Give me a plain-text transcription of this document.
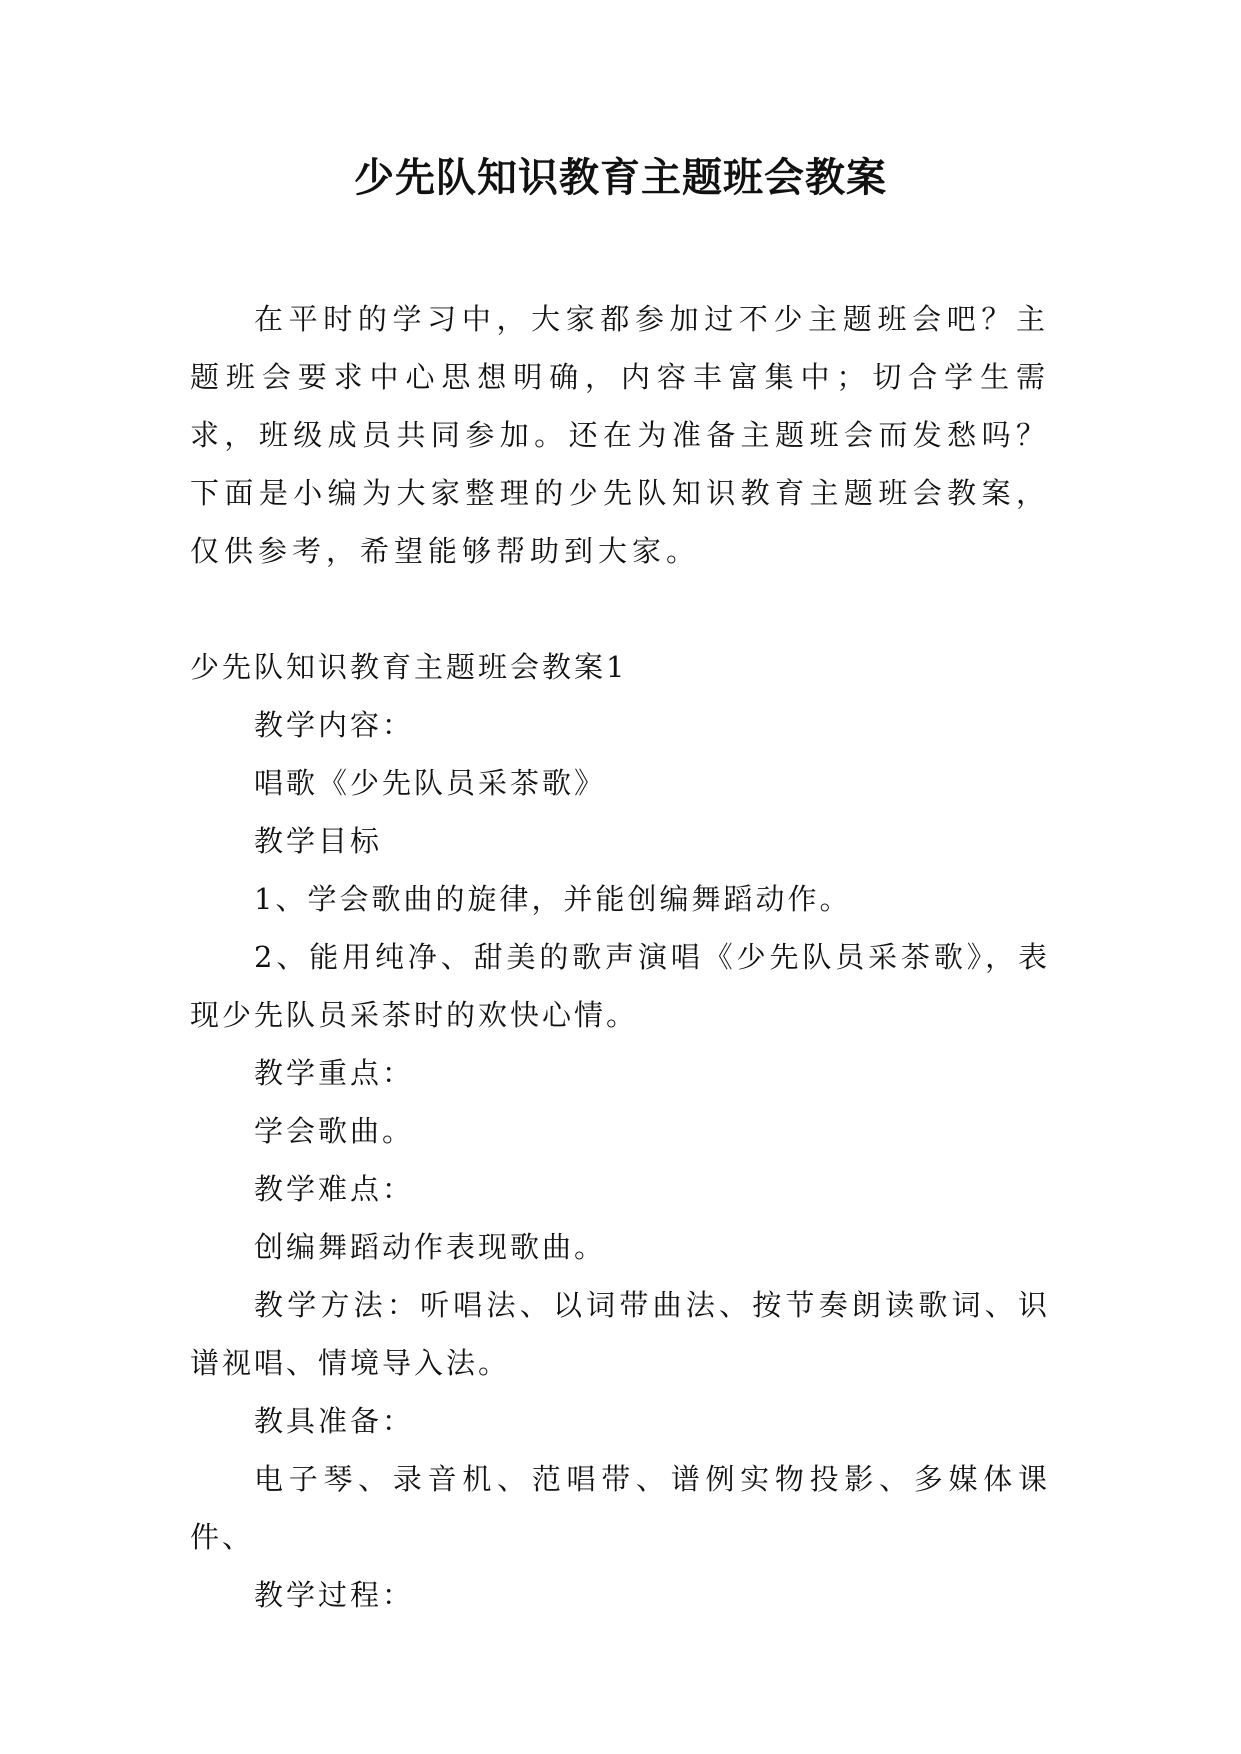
少先队知识教育主题班会教案

在平时的学习中，大家都参加过不少主题班会吧？主题班会要求中心思想明确，内容丰富集中；切合学生需求，班级成员共同参加。还在为准备主题班会而发愁吗？下面是小编为大家整理的少先队知识教育主题班会教案，仅供参考，希望能够帮助到大家。

少先队知识教育主题班会教案1

教学内容：

唱歌《少先队员采茶歌》

教学目标

1、学会歌曲的旋律，并能创编舞蹈动作。

2、能用纯净、甜美的歌声演唱《少先队员采茶歌》，表现少先队员采茶时的欢快心情。

教学重点：

学会歌曲。

教学难点：

创编舞蹈动作表现歌曲。

教学方法：听唱法、以词带曲法、按节奏朗读歌词、识谱视唱、情境导入法。

教具准备：

电子琴、录音机、范唱带、谱例实物投影、多媒体课件、

教学过程：
